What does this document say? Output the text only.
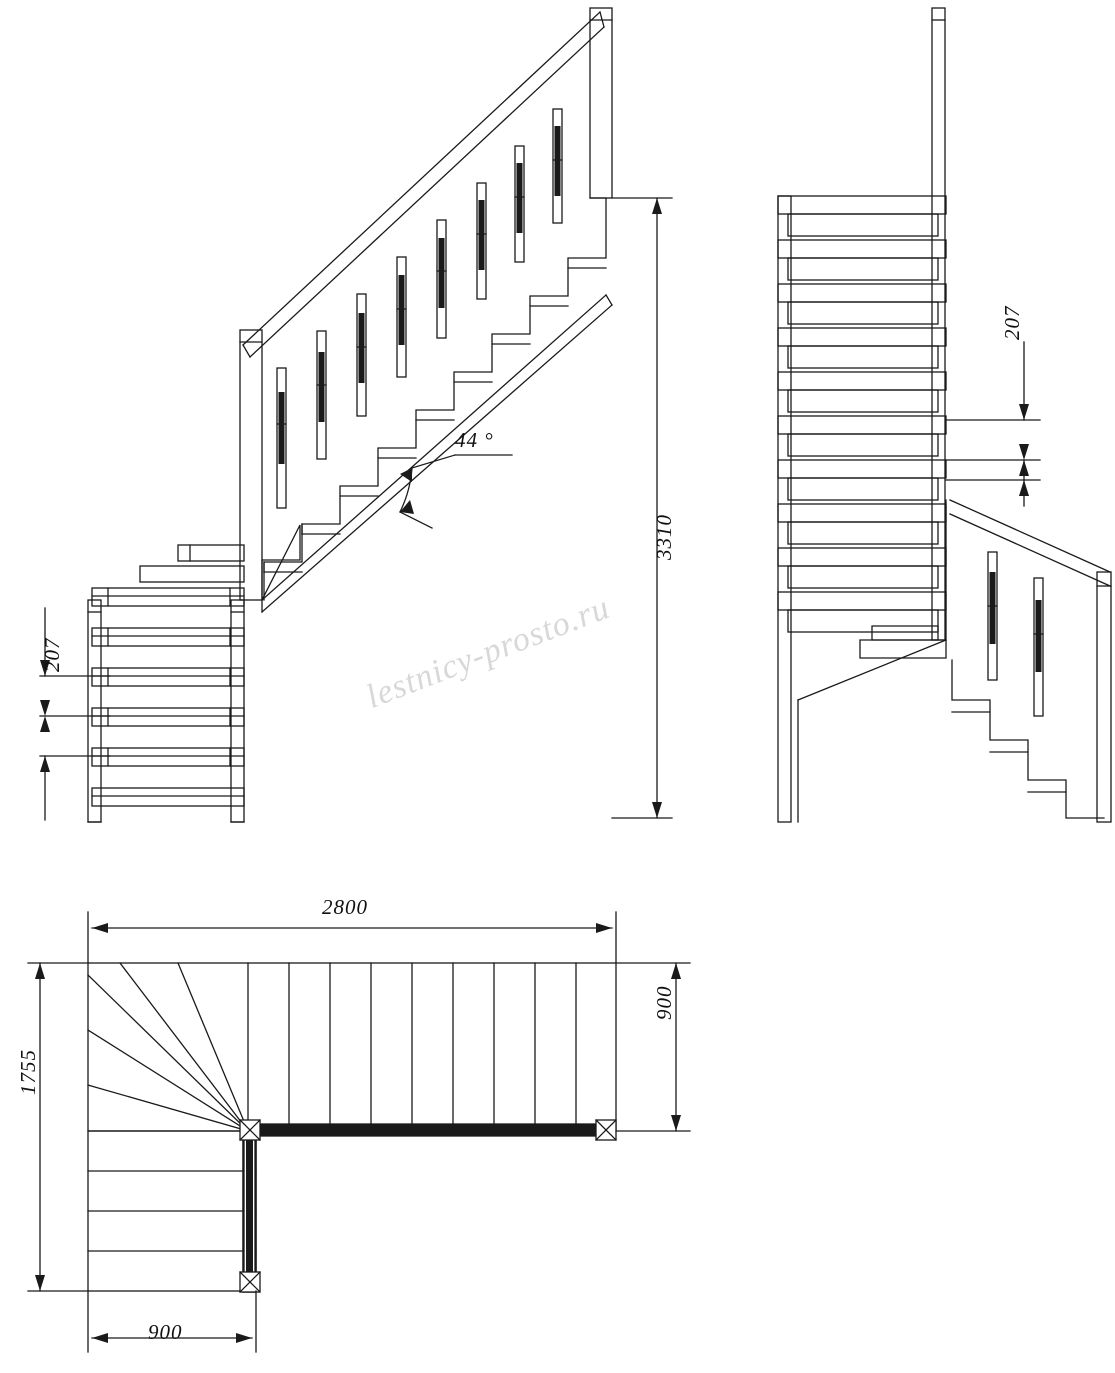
207
3310
44 °
207
2800
900
1755
900
lestnicy-prosto.ru
